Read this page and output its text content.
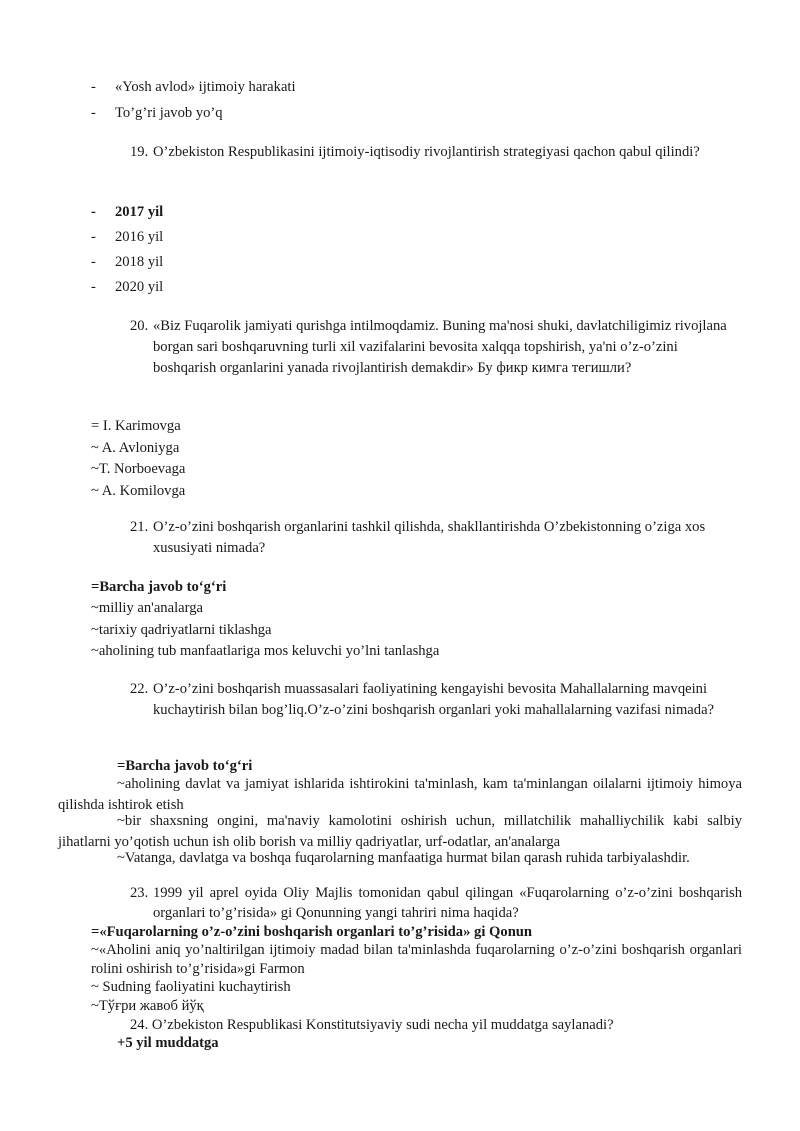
- «Yosh avlod» ijtimoiy harakati
- To’g’ri javob yo’q
19. O’zbekiston Respublikasini ijtimoiy-iqtisodiy rivojlantirish strategiyasi qachon qabul qilindi?
- 2017 yil
- 2016 yil
- 2018 yil
- 2020 yil
20. «Biz Fuqarolik jamiyati qurishga intilmoqdamiz. Buning ma'nosi shuki, davlatchiligimiz rivojlana borgan sari boshqaruvning turli xil vazifalarini bevosita xalqqa topshirish, ya'ni o’z-o’zini boshqarish organlarini yanada rivojlantirish demakdir» Бу фикр кимга тегишли?
= I. Karimovga
~ A. Avloniyga
~T. Norboevaga
~ A. Komilovga
21. O’z-o’zini boshqarish organlarini tashkil qilishda, shakllantirishda O’zbekistonning o’ziga xos xususiyati nimada?
=Barcha javob to‘g‘ri
~milliy an'analarga
~tarixiy qadriyatlarni tiklashga
~aholining tub manfaatlariga mos keluvchi yo’lni tanlashga
22. O’z-o’zini boshqarish muassasalari faoliyatining kengayishi bevosita Mahallalarning mavqeini kuchaytirish bilan bog’liq.O’z-o’zini boshqarish organlari yoki mahallalarning vazifasi nimada?
=Barcha javob to‘g‘ri
~aholining davlat va jamiyat ishlarida ishtirokini ta'minlash, kam ta'minlangan oilalarni ijtimoiy himoya qilishda ishtirok etish
~bir shaxsning ongini, ma'naviy kamolotini oshirish uchun, millatchilik mahalliychilik kabi salbiy jihatlarni yo’qotish uchun ish olib borish va milliy qadriyatlar, urf-odatlar, an'analarga
~Vatanga, davlatga va boshqa fuqarolarning manfaatiga hurmat bilan qarash ruhida tarbiyalashdir.
23. 1999 yil aprel oyida Oliy Majlis tomonidan qabul qilingan «Fuqarolarning o’z-o’zini boshqarish organlari to’g’risida» gi Qonunning yangi tahriri nima haqida?
=«Fuqarolarning o’z-o’zini boshqarish organlari to’g’risida» gi Qonun
~«Aholini aniq yo’naltirilgan ijtimoiy madad bilan ta'minlashda fuqarolarning o’z-o’zini boshqarish organlari rolini oshirish to’g’risida»gi Farmon
~ Sudning faoliyatini kuchaytirish
~Tўғри жавоб йўқ
24. O’zbekiston Respublikasi Konstitutsiyaviy sudi necha yil muddatga saylanadi?
+5 yil muddatga
